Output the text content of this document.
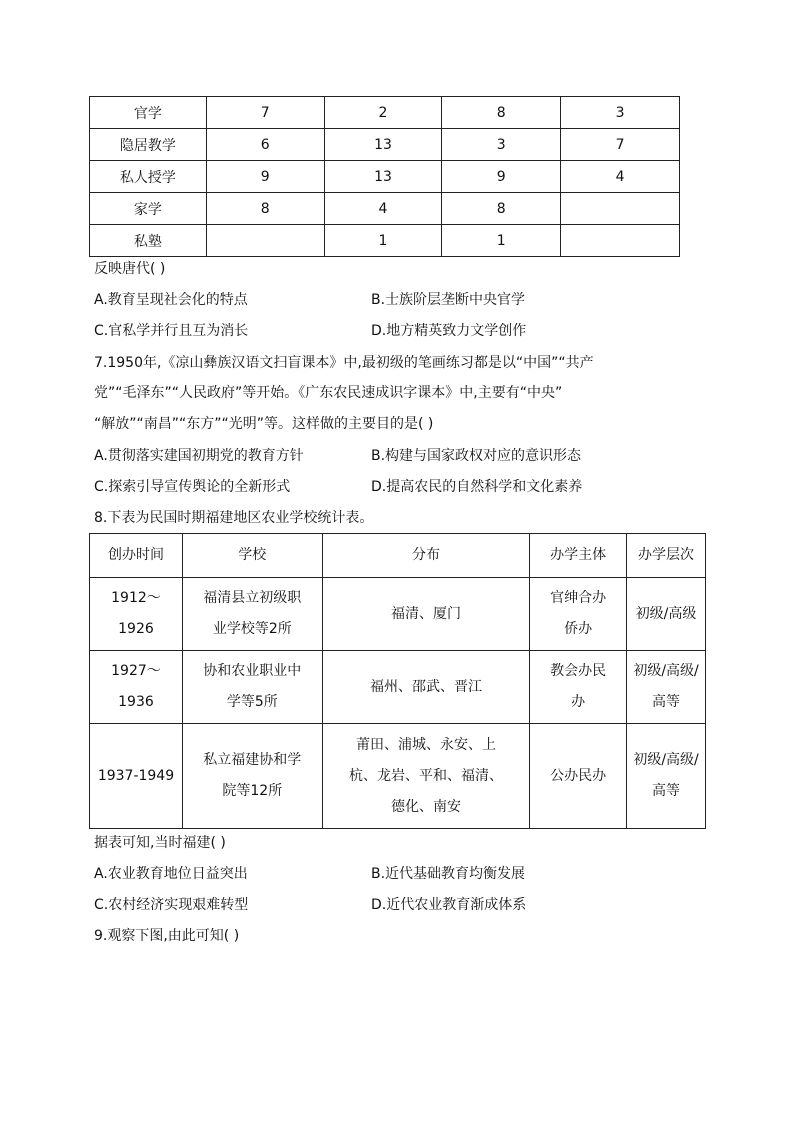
官学	7	2	8	3
隐居教学	6	13	3	7
私人授学	9	13	9	4
家学	8	4	8	
私塾		1	1	
反映唐代( )
A.教育呈现社会化的特点	B.士族阶层垄断中央官学
C.官私学并行且互为消长	D.地方精英致力文学创作
7.1950年,《凉山彝族汉语文扫盲课本》中,最初级的笔画练习都是以“中国”“共产
党”“毛泽东”“人民政府”等开始。《广东农民速成识字课本》中,主要有“中央”
“解放”“南昌”“东方”“光明”等。这样做的主要目的是( )
A.贯彻落实建国初期党的教育方针	B.构建与国家政权对应的意识形态
C.探索引导宣传舆论的全新形式	D.提高农民的自然科学和文化素养
8.下表为民国时期福建地区农业学校统计表。
创办时间	学校	分布	办学主体	办学层次
1912～1926	福清县立初级职业学校等2所	福清、厦门	官绅合办侨办	初级/高级
1927～1936	协和农业职业中学等5所	福州、邵武、晋江	教会办民办	初级/高级/高等
1937-1949	私立福建协和学院等12所	莆田、浦城、永安、上杭、龙岩、平和、福清、德化、南安	公办民办	初级/高级/高等
据表可知,当时福建( )
A.农业教育地位日益突出	B.近代基础教育均衡发展
C.农村经济实现艰难转型	D.近代农业教育渐成体系
9.观察下图,由此可知( )
